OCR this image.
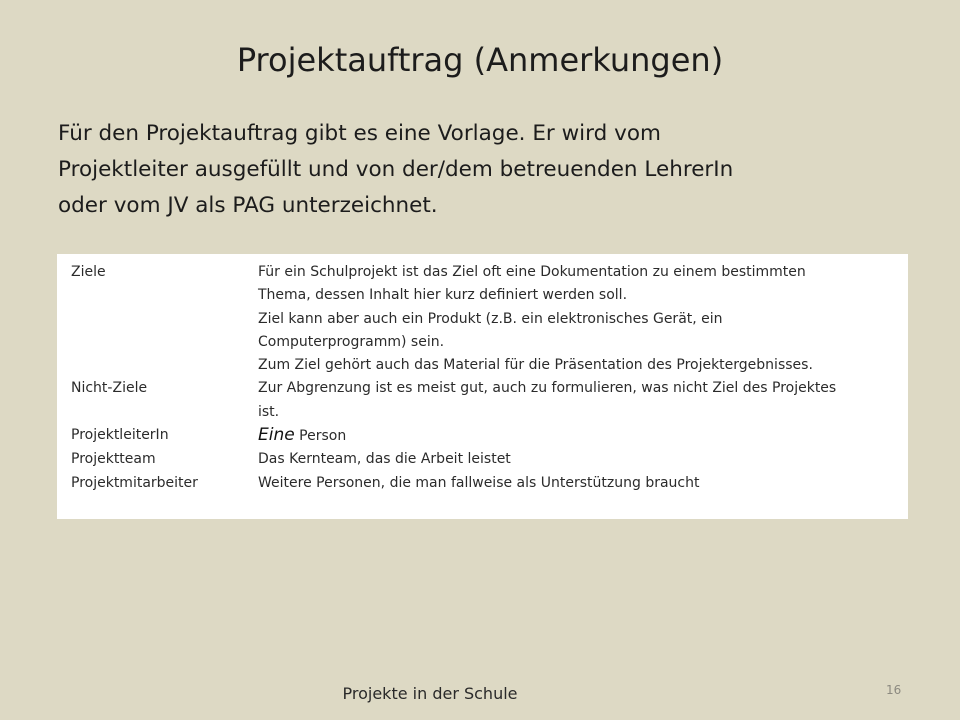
Projektauftrag (Anmerkungen)

Für den Projektauftrag gibt es eine Vorlage. Er wird vom

Projektleiter ausgefüllt und von der/dem betreuenden LehrerIn

oder vom JV als PAG unterzeichnet.

Ziele	Für ein Schulprojekt ist das Ziel oft eine Dokumentation zu einem bestimmten
Thema, dessen Inhalt hier kurz definiert werden soll.
Ziel kann aber auch ein Produkt (z.B. ein elektronisches Gerät, ein
Computerprogramm) sein.
Zum Ziel gehört auch das Material für die Präsentation des Projektergebnisses.

Nicht-Ziele	Zur Abgrenzung ist es meist gut, auch zu formulieren, was nicht Ziel des Projektes
ist.

ProjektleiterIn	Eine Person
Projektteam	Das Kernteam, das die Arbeit leistet

Projektmitarbeiter	Weitere Personen, die man fallweise als Unterstützung braucht
Projekte in der Schule	16
